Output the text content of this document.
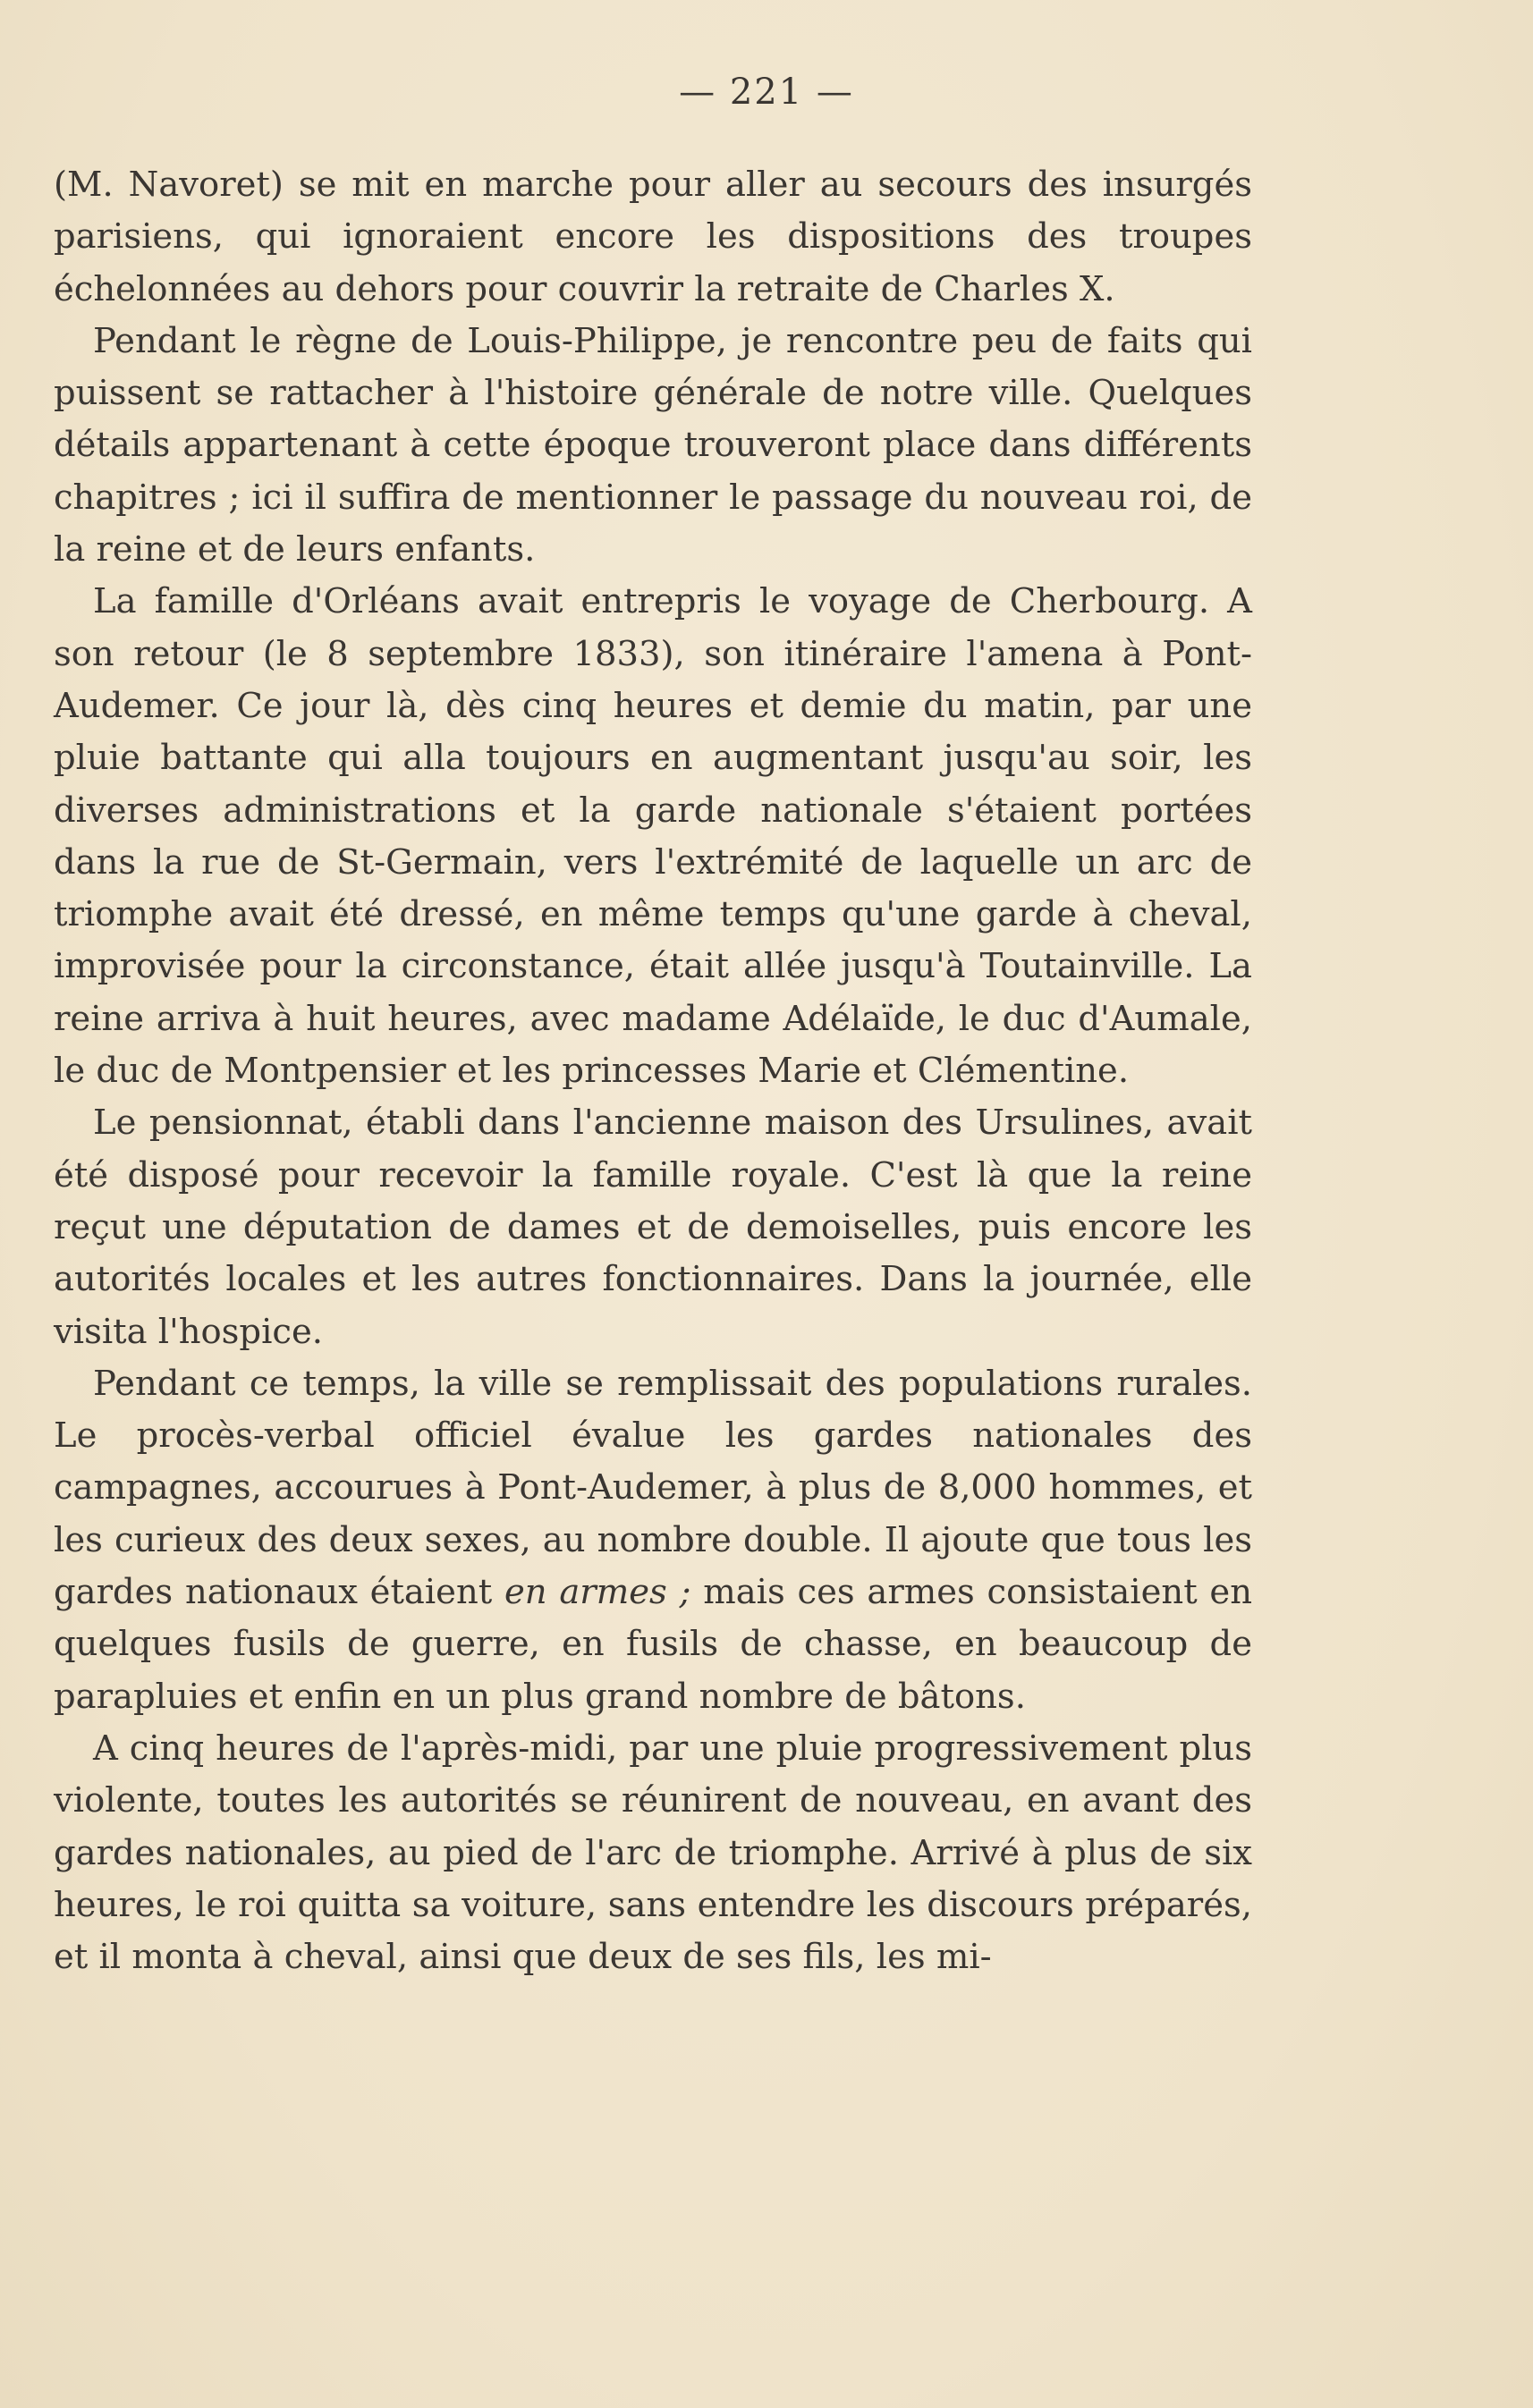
— 221 —

(M. Navoret) se mit en marche pour aller au secours des insurgés parisiens, qui ignoraient encore les dispositions des troupes échelonnées au dehors pour couvrir la retraite de Charles X.

Pendant le règne de Louis-Philippe, je rencontre peu de faits qui puissent se rattacher à l'histoire générale de notre ville. Quelques détails appartenant à cette époque trouveront place dans différents chapitres ; ici il suffira de mentionner le passage du nouveau roi, de la reine et de leurs enfants.

La famille d'Orléans avait entrepris le voyage de Cherbourg. A son retour (le 8 septembre 1833), son itinéraire l'amena à Pont-Audemer. Ce jour là, dès cinq heures et demie du matin, par une pluie battante qui alla toujours en augmentant jusqu'au soir, les diverses administrations et la garde nationale s'étaient portées dans la rue de St-Germain, vers l'extrémité de laquelle un arc de triomphe avait été dressé, en même temps qu'une garde à cheval, improvisée pour la circonstance, était allée jusqu'à Toutainville. La reine arriva à huit heures, avec madame Adélaïde, le duc d'Aumale, le duc de Montpensier et les princesses Marie et Clémentine.

Le pensionnat, établi dans l'ancienne maison des Ursulines, avait été disposé pour recevoir la famille royale. C'est là que la reine reçut une députation de dames et de demoiselles, puis encore les autorités locales et les autres fonctionnaires. Dans la journée, elle visita l'hospice.

Pendant ce temps, la ville se remplissait des populations rurales. Le procès-verbal officiel évalue les gardes nationales des campagnes, accourues à Pont-Audemer, à plus de 8,000 hommes, et les curieux des deux sexes, au nombre double. Il ajoute que tous les gardes nationaux étaient en armes ; mais ces armes consistaient en quelques fusils de guerre, en fusils de chasse, en beaucoup de parapluies et enfin en un plus grand nombre de bâtons.

A cinq heures de l'après-midi, par une pluie progressivement plus violente, toutes les autorités se réunirent de nouveau, en avant des gardes nationales, au pied de l'arc de triomphe. Arrivé à plus de six heures, le roi quitta sa voiture, sans entendre les discours préparés, et il monta à cheval, ainsi que deux de ses fils, les mi-
